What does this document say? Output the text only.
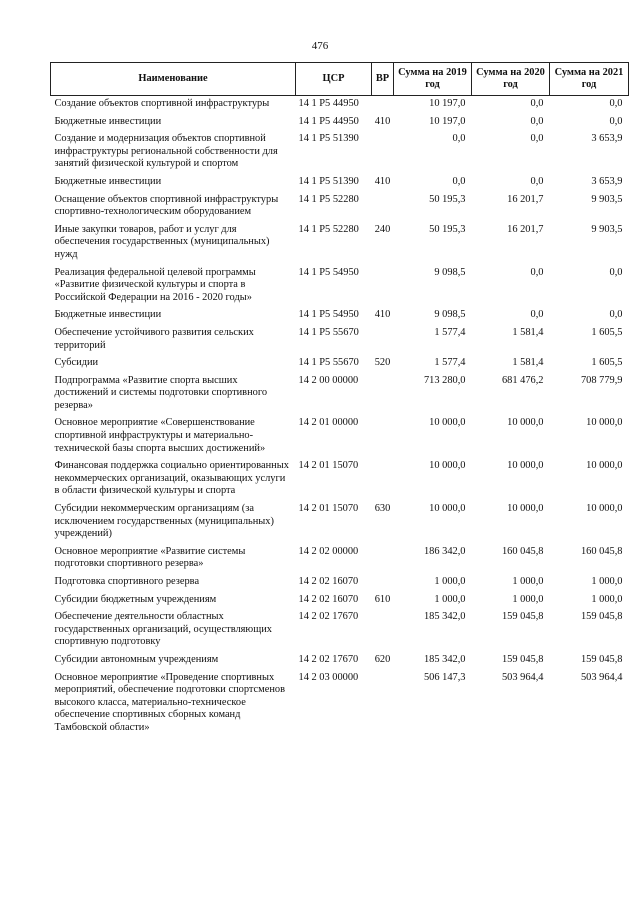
476
Наименование	ЦСР	ВР	Сумма на 2019 год	Сумма на 2020 год	Сумма на 2021 год
Создание объектов спортивной инфраструктуры	14 1 P5 44950		10 197,0	0,0	0,0
Бюджетные инвестиции	14 1 P5 44950	410	10 197,0	0,0	0,0
Создание и модернизация объектов спортивной инфраструктуры региональной собственности для занятий физической культурой и спортом	14 1 P5 51390		0,0	0,0	3 653,9
Бюджетные инвестиции	14 1 P5 51390	410	0,0	0,0	3 653,9
Оснащение объектов спортивной инфраструктуры спортивно-технологическим оборудованием	14 1 P5 52280		50 195,3	16 201,7	9 903,5
Иные закупки товаров, работ и услуг для обеспечения государственных (муниципальных) нужд	14 1 P5 52280	240	50 195,3	16 201,7	9 903,5
Реализация федеральной целевой программы «Развитие физической культуры и спорта в Российской Федерации на 2016 - 2020 годы»	14 1 P5 54950		9 098,5	0,0	0,0
Бюджетные инвестиции	14 1 P5 54950	410	9 098,5	0,0	0,0
Обеспечение устойчивого развития сельских территорий	14 1 P5 55670		1 577,4	1 581,4	1 605,5
Субсидии	14 1 P5 55670	520	1 577,4	1 581,4	1 605,5
Подпрограмма «Развитие спорта высших достижений и системы подготовки спортивного резерва»	14 2 00 00000		713 280,0	681 476,2	708 779,9
Основное мероприятие «Совершенствование спортивной инфраструктуры и материально-технической базы спорта высших достижений»	14 2 01 00000		10 000,0	10 000,0	10 000,0
Финансовая поддержка социально ориентированных некоммерческих организаций, оказывающих услуги в области физической культуры и спорта	14 2 01 15070		10 000,0	10 000,0	10 000,0
Субсидии некоммерческим организациям (за исключением государственных (муниципальных) учреждений)	14 2 01 15070	630	10 000,0	10 000,0	10 000,0
Основное мероприятие «Развитие системы подготовки спортивного резерва»	14 2 02 00000		186 342,0	160 045,8	160 045,8
Подготовка спортивного резерва	14 2 02 16070		1 000,0	1 000,0	1 000,0
Субсидии бюджетным учреждениям	14 2 02 16070	610	1 000,0	1 000,0	1 000,0
Обеспечение деятельности областных государственных организаций, осуществляющих спортивную подготовку	14 2 02 17670		185 342,0	159 045,8	159 045,8
Субсидии автономным учреждениям	14 2 02 17670	620	185 342,0	159 045,8	159 045,8
Основное мероприятие «Проведение спортивных мероприятий, обеспечение подготовки спортсменов высокого класса, материально-техническое обеспечение спортивных сборных команд Тамбовской области»	14 2 03 00000		506 147,3	503 964,4	503 964,4
